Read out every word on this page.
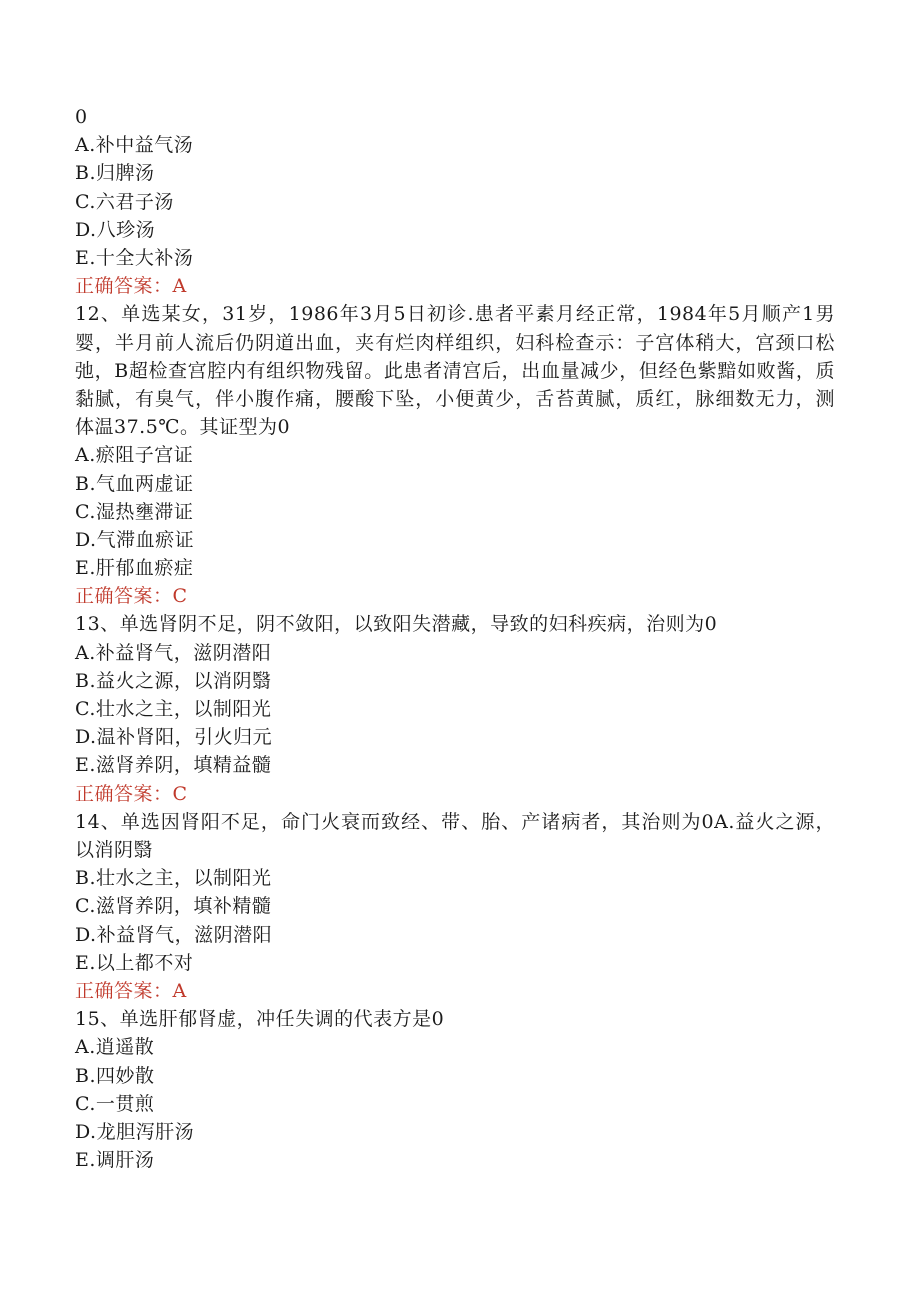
0
A.补中益气汤
B.归脾汤
C.六君子汤
D.八珍汤
E.十全大补汤
正确答案：A
12、单选某女，31岁，1986年3月5日初诊.患者平素月经正常，1984年5月顺产1男婴，半月前人流后仍阴道出血，夹有烂肉样组织，妇科检查示：子宫体稍大，宫颈口松弛，B超检查宫腔内有组织物残留。此患者清宫后，出血量减少，但经色紫黯如败酱，质黏腻，有臭气，伴小腹作痛，腰酸下坠，小便黄少，舌苔黄腻，质红，脉细数无力，测体温37.5℃。其证型为0
A.瘀阻子宫证
B.气血两虚证
C.湿热壅滞证
D.气滞血瘀证
E.肝郁血瘀症
正确答案：C
13、单选肾阴不足，阴不敛阳，以致阳失潜藏，导致的妇科疾病，治则为0
A.补益肾气，滋阴潜阳
B.益火之源，以消阴翳
C.壮水之主，以制阳光
D.温补肾阳，引火归元
E.滋肾养阴，填精益髓
正确答案：C
14、单选因肾阳不足，命门火衰而致经、带、胎、产诸病者，其治则为0A.益火之源，以消阴翳
B.壮水之主，以制阳光
C.滋肾养阴，填补精髓
D.补益肾气，滋阴潜阳
E.以上都不对
正确答案：A
15、单选肝郁肾虚，冲任失调的代表方是0
A.逍遥散
B.四妙散
C.一贯煎
D.龙胆泻肝汤
E.调肝汤
